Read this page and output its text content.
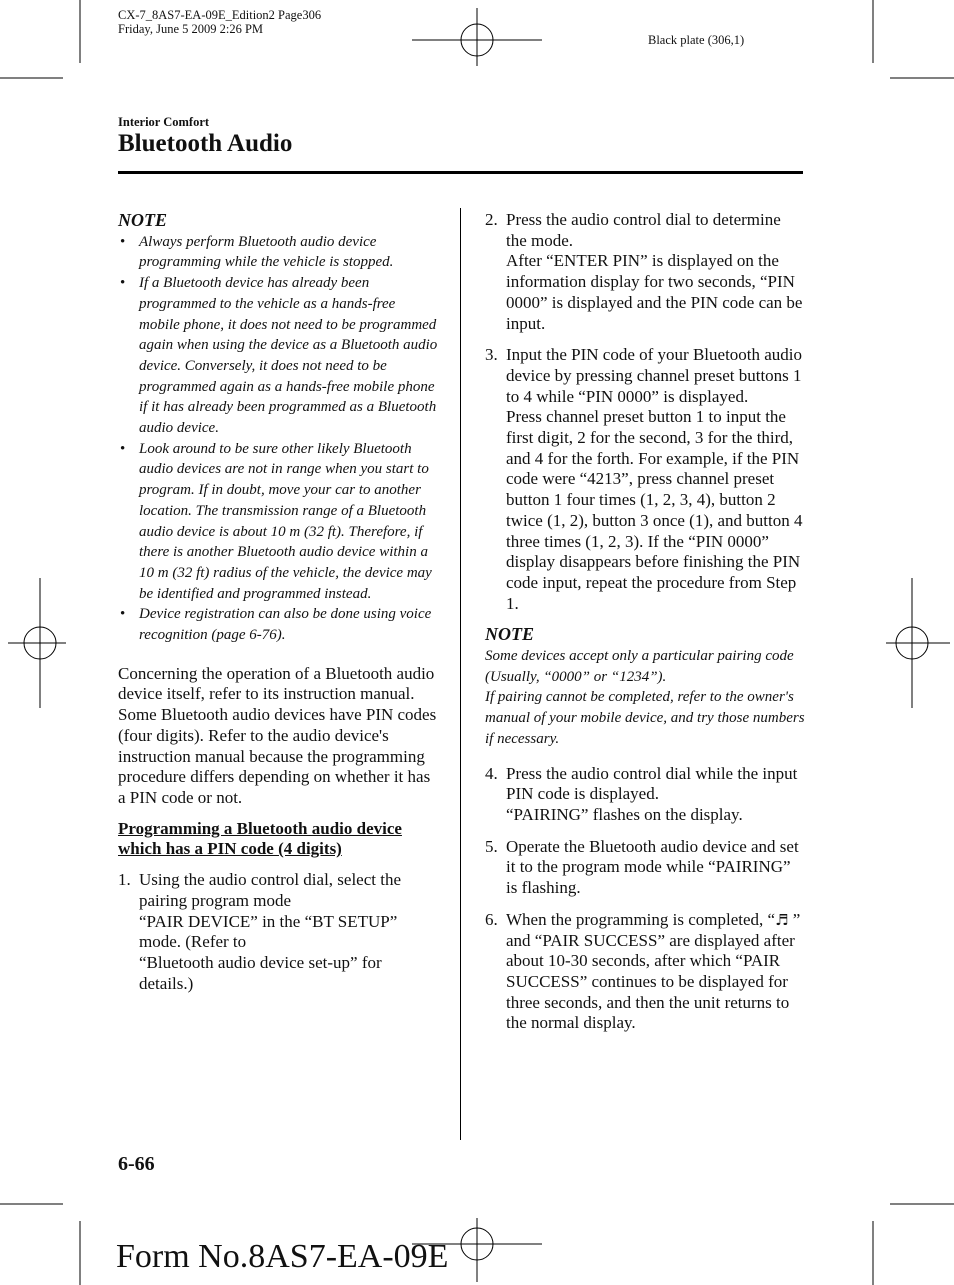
CX-7_8AS7-EA-09E_Edition2 Page306
Friday, June 5 2009 2:26 PM
Black plate (306,1)
Interior Comfort
Bluetooth Audio
NOTE
• Always perform Bluetooth audio device programming while the vehicle is stopped.
• If a Bluetooth device has already been programmed to the vehicle as a hands-free mobile phone, it does not need to be programmed again when using the device as a Bluetooth audio device. Conversely, it does not need to be programmed again as a hands-free mobile phone if it has already been programmed as a Bluetooth audio device.
• Look around to be sure other likely Bluetooth audio devices are not in range when you start to program. If in doubt, move your car to another location. The transmission range of a Bluetooth audio device is about 10 m (32 ft). Therefore, if there is another Bluetooth audio device within a 10 m (32 ft) radius of the vehicle, the device may be identified and programmed instead.
• Device registration can also be done using voice recognition (page 6-76).

Concerning the operation of a Bluetooth audio device itself, refer to its instruction manual.

Some Bluetooth audio devices have PIN codes (four digits). Refer to the audio device's instruction manual because the programming procedure differs depending on whether it has a PIN code or not.

Programming a Bluetooth audio device which has a PIN code (4 digits)

1. Using the audio control dial, select the pairing program mode

“PAIR DEVICE” in the “BT SETUP” mode. (Refer to

“Bluetooth audio device set-up” for details.)

2. Press the audio control dial to determine the mode.

After “ENTER PIN” is displayed on the information display for two seconds, “PIN 0000” is displayed and the PIN code can be input.

3. Input the PIN code of your Bluetooth audio device by pressing channel preset buttons 1 to 4 while “PIN 0000” is displayed.

Press channel preset button 1 to input the first digit, 2 for the second, 3 for the third, and 4 for the forth. For example, if the PIN code were “4213”, press channel preset button 1 four times (1, 2, 3, 4), button 2 twice (1, 2), button 3 once (1), and button 4 three times (1, 2, 3). If the “PIN 0000” display disappears before finishing the PIN code input, repeat the procedure from Step 1.

NOTE

Some devices accept only a particular pairing code (Usually, “0000” or “1234”).

If pairing cannot be completed, refer to the owner's manual of your mobile device, and try those numbers if necessary.

4. Press the audio control dial while the input PIN code is displayed.

“PAIRING” flashes on the display.

5. Operate the Bluetooth audio device and set it to the program mode while “PAIRING” is flashing.

6. When the programming is completed, “♬ ” and “PAIR SUCCESS” are displayed after about 10-30 seconds, after which “PAIR SUCCESS” continues to be displayed for three seconds, and then the unit returns to the normal display.

6-66
Form No.8AS7-EA-09E
